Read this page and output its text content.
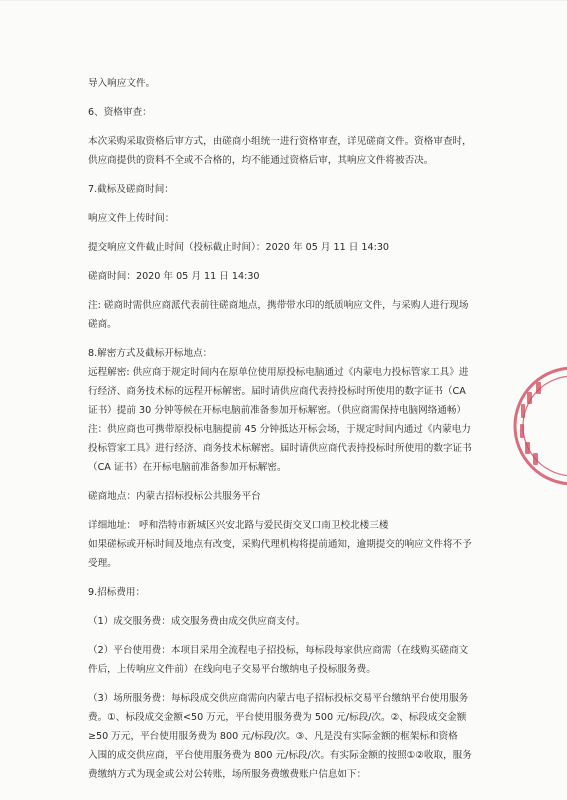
导入响应文件。
6、资格审查：
本次采购采取资格后审方式，由磋商小组统一进行资格审查，详见磋商文件。资格审查时，
供应商提供的资料不全或不合格的，均不能通过资格后审，其响应文件将被否决。
7.截标及磋商时间：
响应文件上传时间：
提交响应文件截止时间（投标截止时间）：2020 年 05 月 11 日 14:30
磋商时间：2020 年 05 月 11 日 14:30
注: 磋商时需供应商派代表前往磋商地点，携带带水印的纸质响应文件，与采购人进行现场
磋商。
8.解密方式及截标开标地点：
远程解密: 供应商于规定时间内在原单位使用原投标电脑通过《内蒙电力投标管家工具》进
行经济、商务技术标的远程开标解密。届时请供应商代表持投标时所使用的数字证书（CA
证书）提前 30 分钟等候在开标电脑前准备参加开标解密。（供应商需保持电脑网络通畅）
注：供应商也可携带原投标电脑提前 45 分钟抵达开标会场，于规定时间内通过《内蒙电力
投标管家工具》进行经济、商务技术标解密。届时请供应商代表持投标时所使用的数字证书
（CA 证书）在开标电脑前准备参加开标解密。
磋商地点：内蒙古招标投标公共服务平台
详细地址： 呼和浩特市新城区兴安北路与爱民街交叉口南卫校北楼三楼
如果磋标或开标时间及地点有改变，采购代理机构将提前通知，逾期提交的响应文件将不予
受理。
9.招标费用：
（1）成交服务费：成交服务费由成交供应商支付。
（2）平台使用费：本项目采用全流程电子招投标，每标段每家供应商需（在线购买磋商文
件后，上传响应文件前）在线向电子交易平台缴纳电子投标服务费。
（3）场所服务费：每标段成交供应商需向内蒙古电子招标投标交易平台缴纳平台使用服务
费。①、标段成交金额<50 万元，平台使用服务费为 500 元/标段/次。②、标段成交金额
≥50 万元，平台使用服务费为 800 元/标段/次。③、凡是没有实际金额的框架标和资格
入围的成交供应商，平台使用服务费为 800 元/标段/次。有实际金额的按照①②收取，服务
费缴纳方式为现金或公对公转账，场所服务费缴费账户信息如下：
